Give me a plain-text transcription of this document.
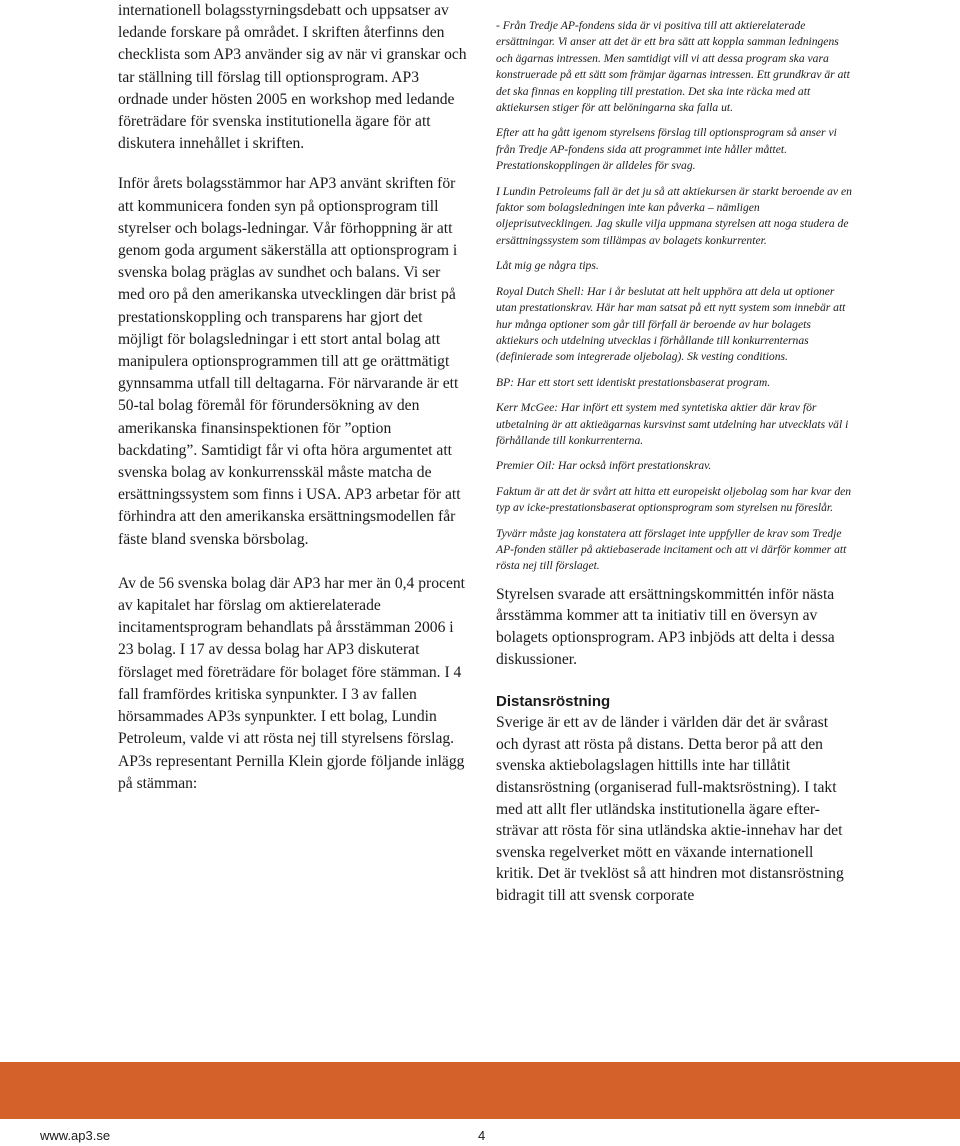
internationell bolagsstyrningsdebatt och uppsatser av ledande forskare på området. I skriften återfinns den checklista som AP3 använder sig av när vi granskar och tar ställning till förslag till optionsprogram. AP3 ordnade under hösten 2005 en workshop med ledande företrädare för svenska institutionella ägare för att diskutera innehållet i skriften.

Inför årets bolagsstämmor har AP3 använt skriften för att kommunicera fonden syn på optionsprogram till styrelser och bolags-ledningar. Vår förhoppning är att genom goda argument säkerställa att optionsprogram i svenska bolag präglas av sundhet och balans. Vi ser med oro på den amerikanska utvecklingen där brist på prestationskoppling och transparens har gjort det möjligt för bolagsledningar i ett stort antal bolag att manipulera optionsprogrammen till att ge orättmätigt gynnsamma utfall till deltagarna. För närvarande är ett 50-tal bolag föremål för förundersökning av den amerikanska finansinspektionen för ”option backdating”. Samtidigt får vi ofta höra argumentet att svenska bolag av konkurrensskäl måste matcha de ersättningssystem som finns i USA. AP3 arbetar för att förhindra att den amerikanska ersättningsmodellen får fäste bland svenska börsbolag.

Av de 56 svenska bolag där AP3 har mer än 0,4 procent av kapitalet har förslag om aktierelaterade incitamentsprogram behandlats på årsstämman 2006 i 23 bolag. I 17 av dessa bolag har AP3 diskuterat förslaget med företrädare för bolaget före stämman. I 4 fall framfördes kritiska synpunkter. I 3 av fallen hörsammades AP3s synpunkter. I ett bolag, Lundin Petroleum, valde vi att rösta nej till styrelsens förslag. AP3s representant Pernilla Klein gjorde följande inlägg på stämman:

- Från Tredje AP-fondens sida är vi positiva till att aktierelaterade ersättningar. Vi anser att det är ett bra sätt att koppla samman ledningens och ägarnas intressen. Men samtidigt vill vi att dessa program ska vara konstruerade på ett sätt som främjar ägarnas intressen. Ett grundkrav är att det ska finnas en koppling till prestation. Det ska inte räcka med att aktiekursen stiger för att belöningarna ska falla ut.

Efter att ha gått igenom styrelsens förslag till optionsprogram så anser vi från Tredje AP-fondens sida att programmet inte håller måttet. Prestationskopplingen är alldeles för svag.

I Lundin Petroleums fall är det ju så att aktiekursen är starkt beroende av en faktor som bolagsledningen inte kan påverka – nämligen oljeprisutvecklingen. Jag skulle vilja uppmana styrelsen att noga studera de ersättningssystem som tillämpas av bolagets konkurrenter.

Låt mig ge några tips.

Royal Dutch Shell: Har i år beslutat att helt upphöra att dela ut optioner utan prestationskrav. Här har man satsat på ett nytt system som innebär att hur många optioner som går till förfall är beroende av hur bolagets aktiekurs och utdelning utvecklas i förhållande till konkurrenternas (definierade som integrerade oljebolag). Sk vesting conditions.

BP: Har ett stort sett identiskt prestationsbaserat program.

Kerr McGee: Har infört ett system med syntetiska aktier där krav för utbetalning är att aktieägarnas kursvinst samt utdelning har utvecklats väl i förhållande till konkurrenterna.

Premier Oil: Har också infört prestationskrav.

Faktum är att det är svårt att hitta ett europeiskt oljebolag som har kvar den typ av icke-prestationsbaserat optionsprogram som styrelsen nu föreslår.

Tyvärr måste jag konstatera att förslaget inte uppfyller de krav som Tredje AP-fonden ställer på aktiebaserade incitament och att vi därför kommer att rösta nej till förslaget.

Styrelsen svarade att ersättningskommittén inför nästa årsstämma kommer att ta initiativ till en översyn av bolagets optionsprogram. AP3 inbjöds att delta i dessa diskussioner.

Distansröstning

Sverige är ett av de länder i världen där det är svårast och dyrast att rösta på distans. Detta beror på att den svenska aktiebolagslagen hittills inte har tillåtit distansröstning (organiserad full-maktsröstning). I takt med att allt fler utländska institutionella ägare efter-strävar att rösta för sina utländska aktie-innehav har det svenska regelverket mött en växande internationell kritik. Det är tveklöst så att hindren mot distansröstning bidragit till att svensk corporate

www.ap3.se	4
